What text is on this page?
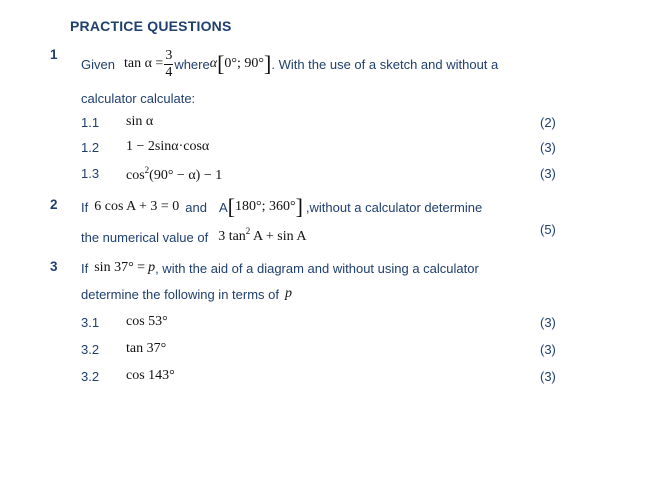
PRACTICE QUESTIONS
1
Given $\tan \alpha = \frac{3}{4}$ where α [ 0°; 90° ] . With the use of a sketch and without a
calculator calculate:
1.1 sin α	(2)
1.2 1 − 2sinα·cosα	(3)
1.3 $\cos^2(90^\circ - \alpha) - 1$	(3)
2 If 6 cos A + 3 = 0 and A [ 180°; 360° ] ,without a calculator determine
(5)
the numerical value of 3 $\tan^2 A + \sin A$
3 If sin 37° = p , with the aid of a diagram and without using a calculator
determine the following in terms of p
3.1 cos 53°	(3)
3.2 tan 37°	(3)
3.2 cos 143°	(3)
